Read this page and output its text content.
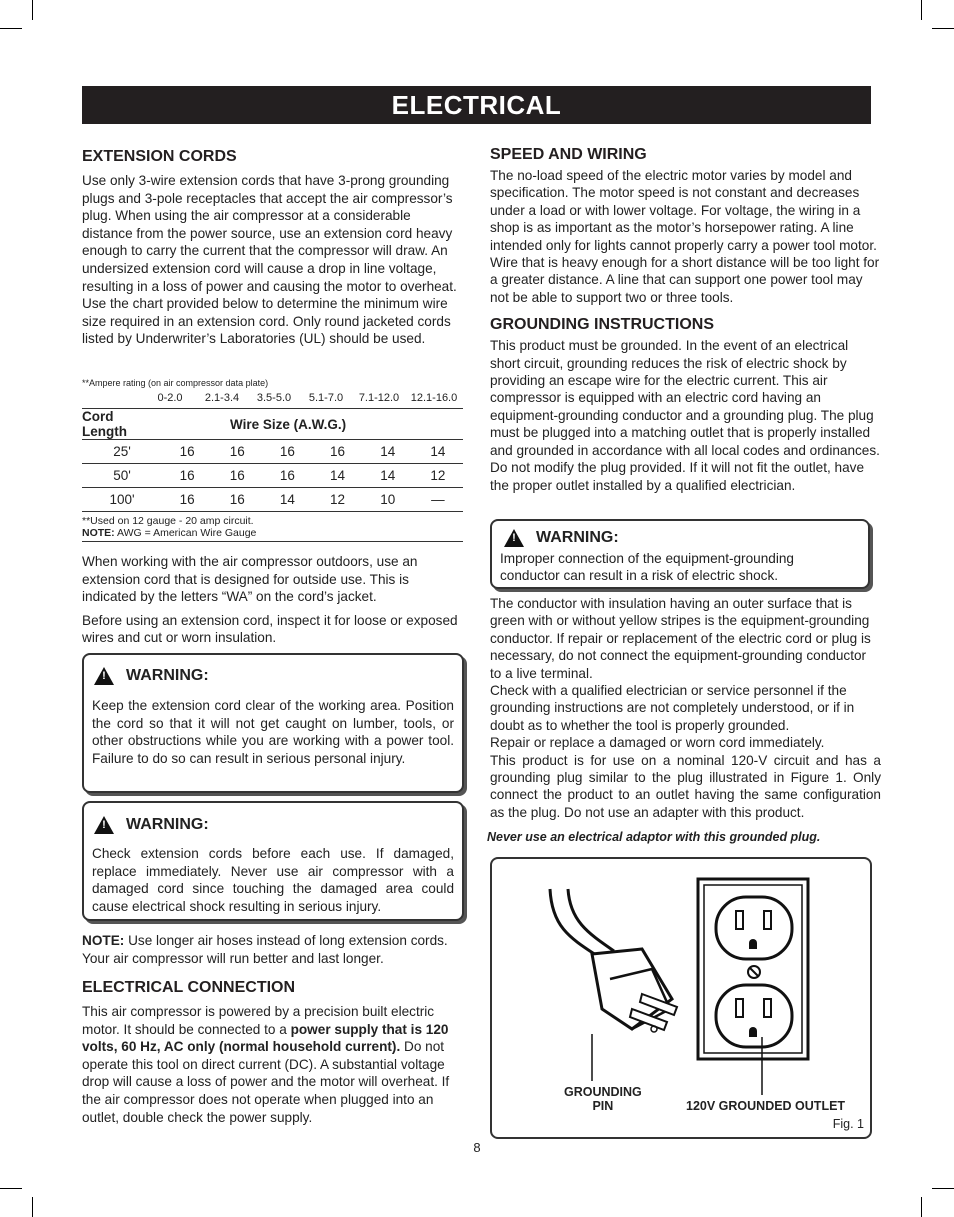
ELECTRICAL

EXTENSION CORDS

Use only 3-wire extension cords that have 3-prong grounding plugs and 3-pole receptacles that accept the air compressor’s plug. When using the air compressor at a considerable distance from the power source, use an extension cord heavy enough to carry the current that the compressor will draw. An undersized extension cord will cause a drop in line voltage, resulting in a loss of power and causing the motor to overheat. Use the chart provided below to determine the minimum wire size required in an extension cord. Only round jacketed cords listed by Underwriter’s Laboratories (UL) should be used.

**Ampere rating (on air compressor data plate)
0-2.0	2.1-3.4	3.5-5.0	5.1-7.0	7.1-12.0	12.1-16.0
Cord Length	Wire Size (A.W.G.)					
25'	16	16	16	16	14	14
50'	16	16	16	14	14	12
100'	16	16	14	12	10	—
**Used on 12 gauge - 20 amp circuit.
NOTE: AWG = American Wire Gauge

When working with the air compressor outdoors, use an extension cord that is designed for outside use. This is indicated by the letters “WA” on the cord’s jacket.

Before using an extension cord, inspect it for loose or exposed wires and cut or worn insulation.

! WARNING:

Keep the extension cord clear of the working area. Position the cord so that it will not get caught on lumber, tools, or other obstructions while you are working with a power tool. Failure to do so can result in serious personal injury.

! WARNING:

Check extension cords before each use. If damaged, replace immediately. Never use air compressor with a damaged cord since touching the damaged area could cause electrical shock resulting in serious injury.

NOTE: Use longer air hoses instead of long extension cords. Your air compressor will run better and last longer.

ELECTRICAL CONNECTION

This air compressor is powered by a precision built electric motor. It should be connected to a power supply that is 120 volts, 60 Hz, AC only (normal household current). Do not operate this tool on direct current (DC). A substantial voltage drop will cause a loss of power and the motor will overheat. If the air compressor does not operate when plugged into an outlet, double check the power supply.

SPEED AND WIRING

The no-load speed of the electric motor varies by model and specification. The motor speed is not constant and decreases under a load or with lower voltage. For voltage, the wiring in a shop is as important as the motor’s horsepower rating. A line intended only for lights cannot properly carry a power tool motor. Wire that is heavy enough for a short distance will be too light for a greater distance. A line that can support one power tool may not be able to support two or three tools.

GROUNDING INSTRUCTIONS

This product must be grounded. In the event of an electrical short circuit, grounding reduces the risk of electric shock by providing an escape wire for the electric current. This air compressor is equipped with an electric cord having an equipment-grounding conductor and a grounding plug. The plug must be plugged into a matching outlet that is properly installed and grounded in accordance with all local codes and ordinances.

Do not modify the plug provided. If it will not fit the outlet, have the proper outlet installed by a qualified electrician.

! WARNING:

Improper connection of the equipment-grounding conductor can result in a risk of electric shock.

The conductor with insulation having an outer surface that is green with or without yellow stripes is the equipment-grounding conductor. If repair or replacement of the electric cord or plug is necessary, do not connect the equipment-grounding conductor to a live terminal.

Check with a qualified electrician or service personnel if the grounding instructions are not completely understood, or if in doubt as to whether the tool is properly grounded.

Repair or replace a damaged or worn cord immediately.

This product is for use on a nominal 120-V circuit and has a grounding plug similar to the plug illustrated in Figure 1. Only connect the product to an outlet having the same configuration as the plug. Do not use an adapter with this product.

Never use an electrical adaptor with this grounded plug.

GROUNDING
PIN	120V GROUNDED OUTLET
Fig. 1
8
